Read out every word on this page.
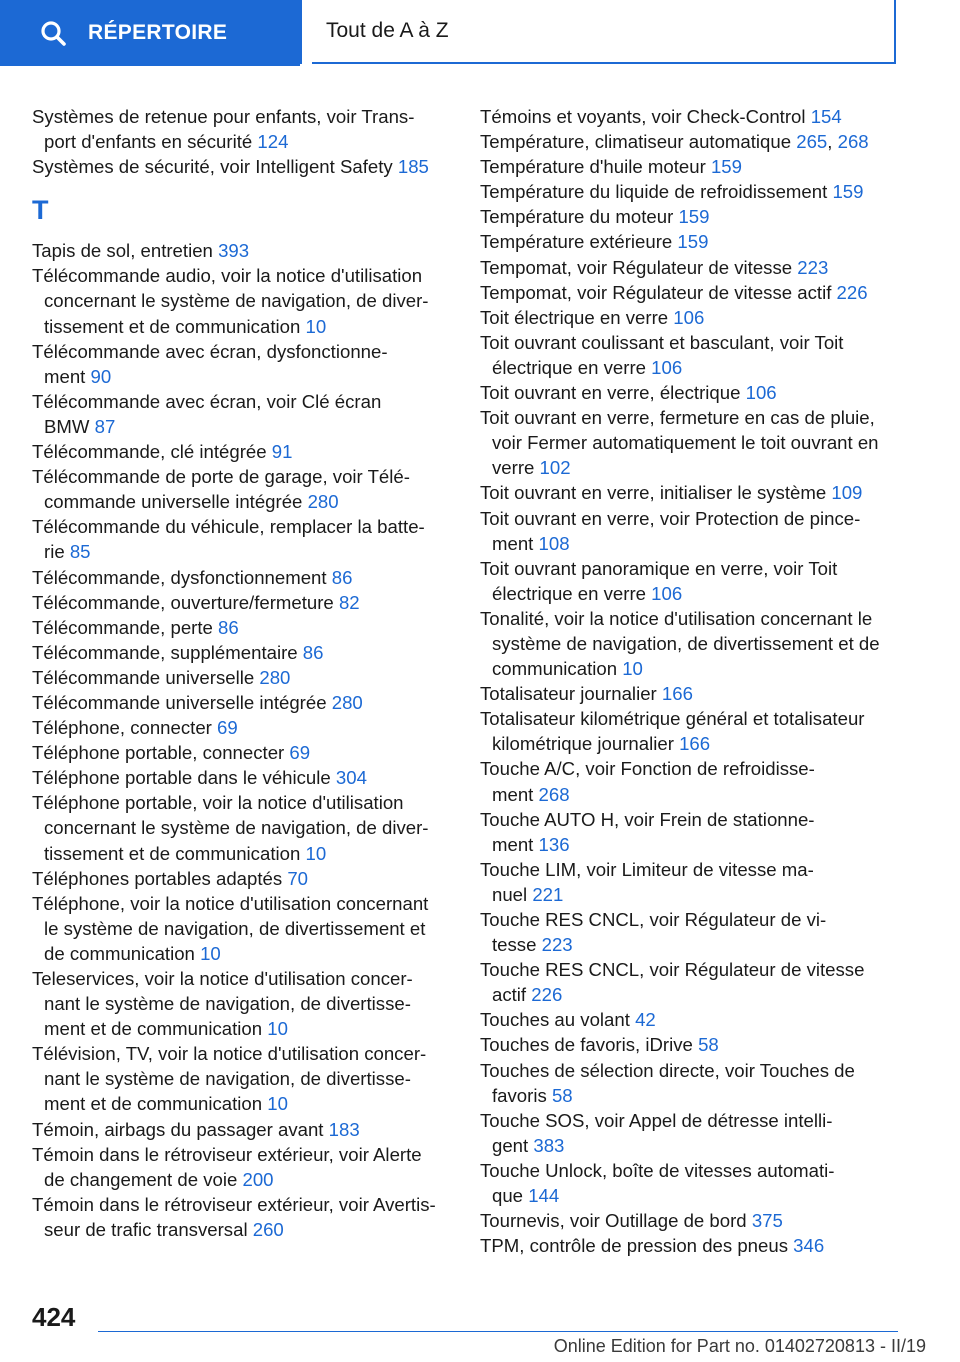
RÉPERTOIRE	Tout de A à Z
Systèmes de retenue pour enfants, voir Trans-
port d'enfants en sécurité 124
Systèmes de sécurité, voir Intelligent Safety 185
T
Tapis de sol, entretien 393
Télécommande audio, voir la notice d'utilisation
concernant le système de navigation, de diver-
tissement et de communication 10
Télécommande avec écran, dysfonctionne-
ment 90
Télécommande avec écran, voir Clé écran
BMW 87
Télécommande, clé intégrée 91
Télécommande de porte de garage, voir Télé-
commande universelle intégrée 280
Télécommande du véhicule, remplacer la batte-
rie 85
Télécommande, dysfonctionnement 86
Télécommande, ouverture/fermeture 82
Télécommande, perte 86
Télécommande, supplémentaire 86
Télécommande universelle 280
Télécommande universelle intégrée 280
Téléphone, connecter 69
Téléphone portable, connecter 69
Téléphone portable dans le véhicule 304
Téléphone portable, voir la notice d'utilisation
concernant le système de navigation, de diver-
tissement et de communication 10
Téléphones portables adaptés 70
Téléphone, voir la notice d'utilisation concernant
le système de navigation, de divertissement et
de communication 10
Teleservices, voir la notice d'utilisation concer-
nant le système de navigation, de divertisse-
ment et de communication 10
Télévision, TV, voir la notice d'utilisation concer-
nant le système de navigation, de divertisse-
ment et de communication 10
Témoin, airbags du passager avant 183
Témoin dans le rétroviseur extérieur, voir Alerte
de changement de voie 200
Témoin dans le rétroviseur extérieur, voir Avertis-
seur de trafic transversal 260
Témoins et voyants, voir Check-Control 154
Température, climatiseur automatique 265, 268
Température d'huile moteur 159
Température du liquide de refroidissement 159
Température du moteur 159
Température extérieure 159
Tempomat, voir Régulateur de vitesse 223
Tempomat, voir Régulateur de vitesse actif 226
Toit électrique en verre 106
Toit ouvrant coulissant et basculant, voir Toit
électrique en verre 106
Toit ouvrant en verre, électrique 106
Toit ouvrant en verre, fermeture en cas de pluie,
voir Fermer automatiquement le toit ouvrant en
verre 102
Toit ouvrant en verre, initialiser le système 109
Toit ouvrant en verre, voir Protection de pince-
ment 108
Toit ouvrant panoramique en verre, voir Toit
électrique en verre 106
Tonalité, voir la notice d'utilisation concernant le
système de navigation, de divertissement et de
communication 10
Totalisateur journalier 166
Totalisateur kilométrique général et totalisateur
kilométrique journalier 166
Touche A/C, voir Fonction de refroidisse-
ment 268
Touche AUTO H, voir Frein de stationne-
ment 136
Touche LIM, voir Limiteur de vitesse ma-
nuel 221
Touche RES CNCL, voir Régulateur de vi-
tesse 223
Touche RES CNCL, voir Régulateur de vitesse
actif 226
Touches au volant 42
Touches de favoris, iDrive 58
Touches de sélection directe, voir Touches de
favoris 58
Touche SOS, voir Appel de détresse intelli-
gent 383
Touche Unlock, boîte de vitesses automati-
que 144
Tournevis, voir Outillage de bord 375
TPM, contrôle de pression des pneus 346
424
Online Edition for Part no. 01402720813 - II/19
